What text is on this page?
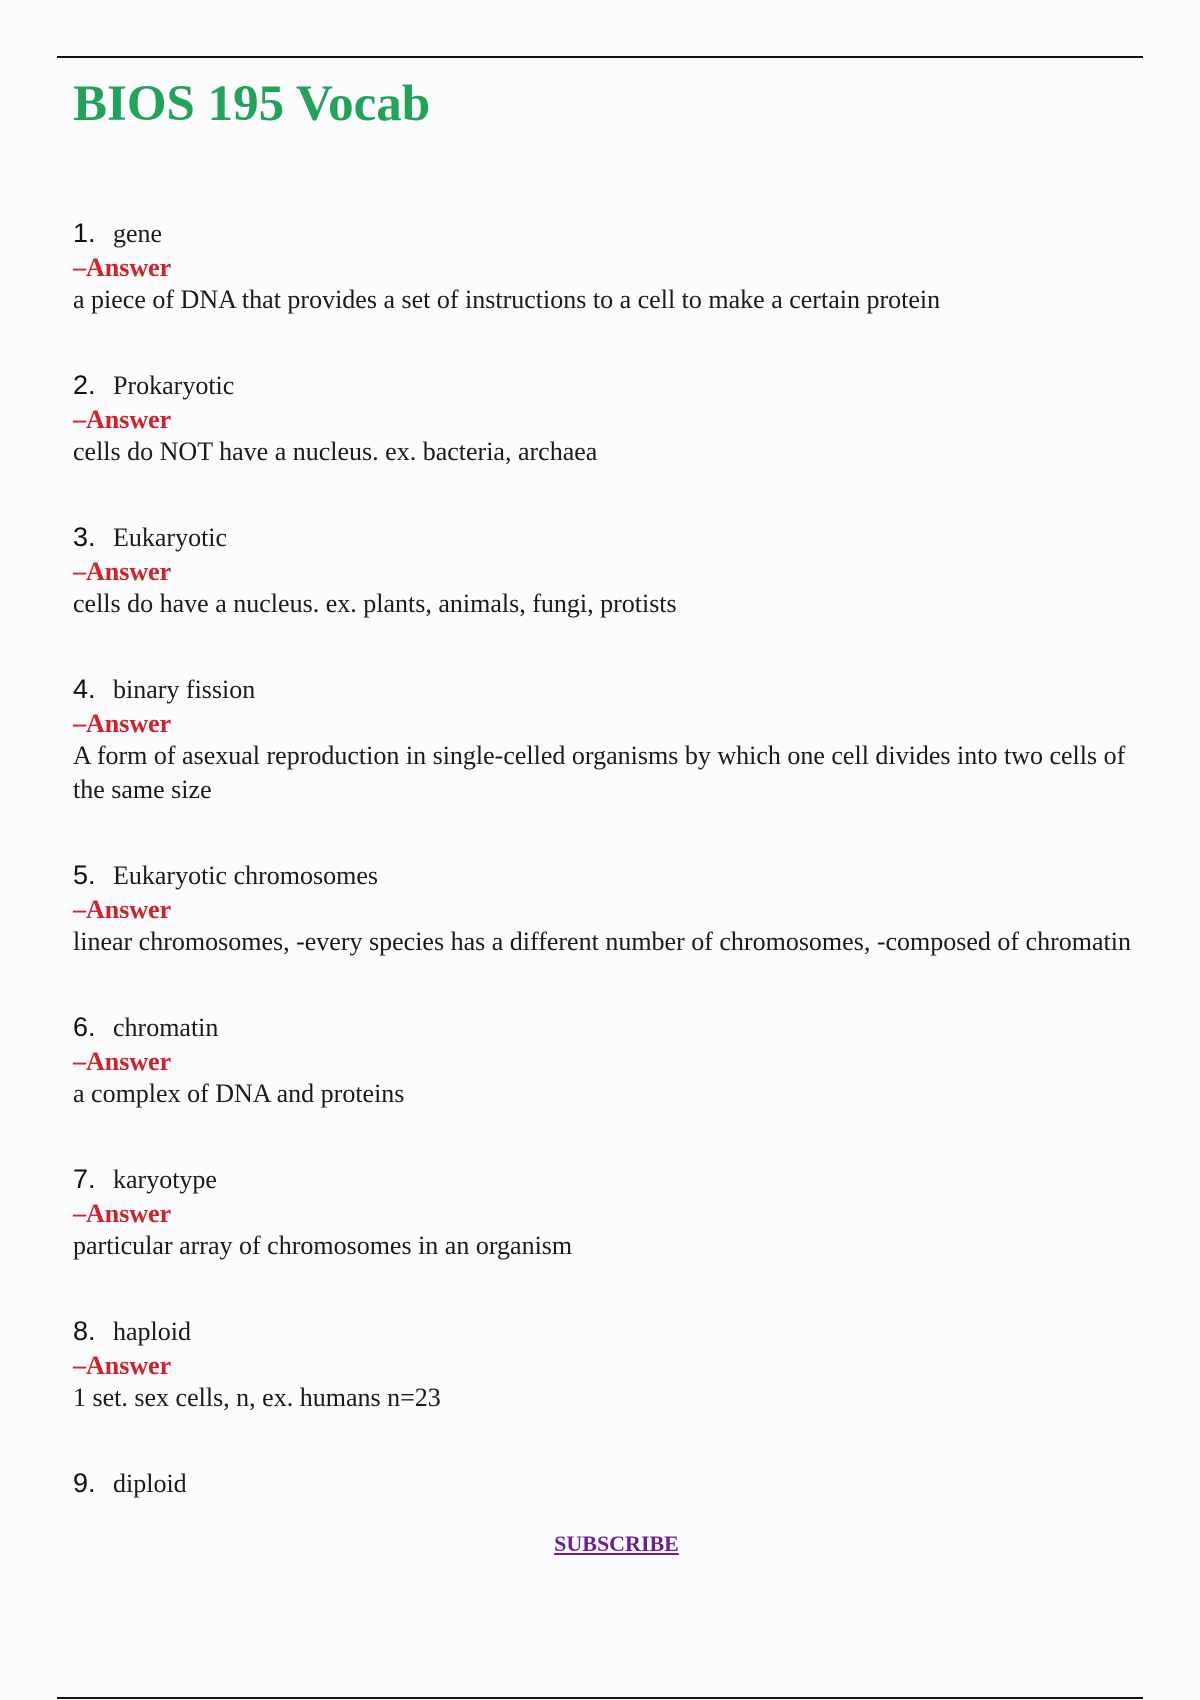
BIOS 195 Vocab
1. gene
–Answer
a piece of DNA that provides a set of instructions to a cell to make a certain protein
2. Prokaryotic
–Answer
cells do NOT have a nucleus. ex. bacteria, archaea
3. Eukaryotic
–Answer
cells do have a nucleus. ex. plants, animals, fungi, protists
4. binary fission
–Answer
A form of asexual reproduction in single-celled organisms by which one cell divides into two cells of the same size
5. Eukaryotic chromosomes
–Answer
linear chromosomes, -every species has a different number of chromosomes, -composed of chromatin
6. chromatin
–Answer
a complex of DNA and proteins
7. karyotype
–Answer
particular array of chromosomes in an organism
8. haploid
–Answer
1 set. sex cells, n, ex. humans n=23
9. diploid
SUBSCRIBE
